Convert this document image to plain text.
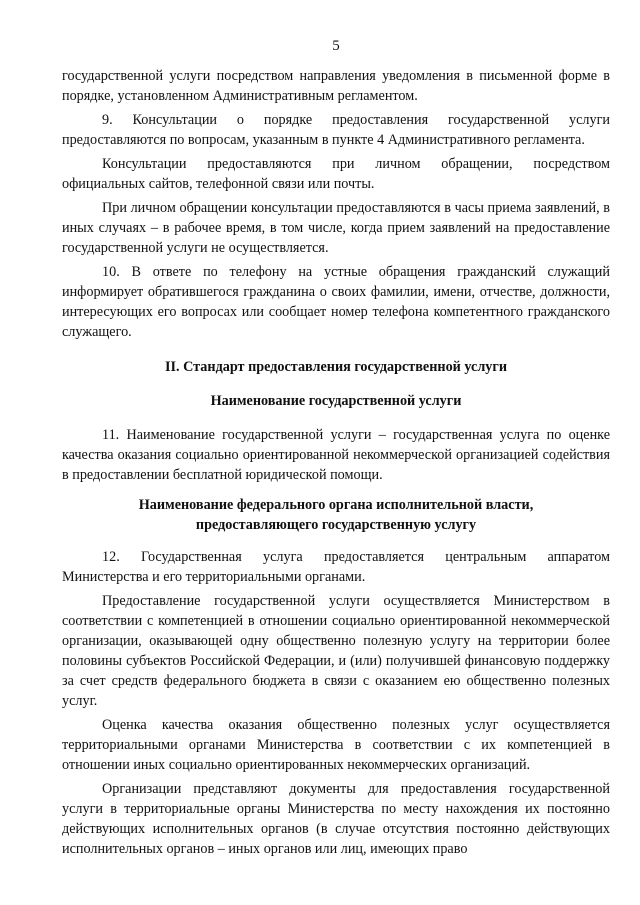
5

государственной услуги посредством направления уведомления в письменной форме в порядке, установленном Административным регламентом.

9. Консультации о порядке предоставления государственной услуги предоставляются по вопросам, указанным в пункте 4 Административного регламента.

Консультации предоставляются при личном обращении, посредством официальных сайтов, телефонной связи или почты.

При личном обращении консультации предоставляются в часы приема заявлений, в иных случаях – в рабочее время, в том числе, когда прием заявлений на предоставление государственной услуги не осуществляется.

10. В ответе по телефону на устные обращения гражданский служащий информирует обратившегося гражданина о своих фамилии, имени, отчестве, должности, интересующих его вопросах или сообщает номер телефона компетентного гражданского служащего.

II. Стандарт предоставления государственной услуги
Наименование государственной услуги

11. Наименование государственной услуги – государственная услуга по оценке качества оказания социально ориентированной некоммерческой организацией содействия в предоставлении бесплатной юридической помощи.

Наименование федерального органа исполнительной власти,
предоставляющего государственную услугу

12. Государственная услуга предоставляется центральным аппаратом Министерства и его территориальными органами.

Предоставление государственной услуги осуществляется Министерством в соответствии с компетенцией в отношении социально ориентированной некоммерческой организации, оказывающей одну общественно полезную услугу на территории более половины субъектов Российской Федерации, и (или) получившей финансовую поддержку за счет средств федерального бюджета в связи с оказанием ею общественно полезных услуг.

Оценка качества оказания общественно полезных услуг осуществляется территориальными органами Министерства в соответствии с их компетенцией в отношении иных социально ориентированных некоммерческих организаций.

Организации представляют документы для предоставления государственной услуги в территориальные органы Министерства по месту нахождения их постоянно действующих исполнительных органов (в случае отсутствия постоянно действующих исполнительных органов – иных органов или лиц, имеющих право
